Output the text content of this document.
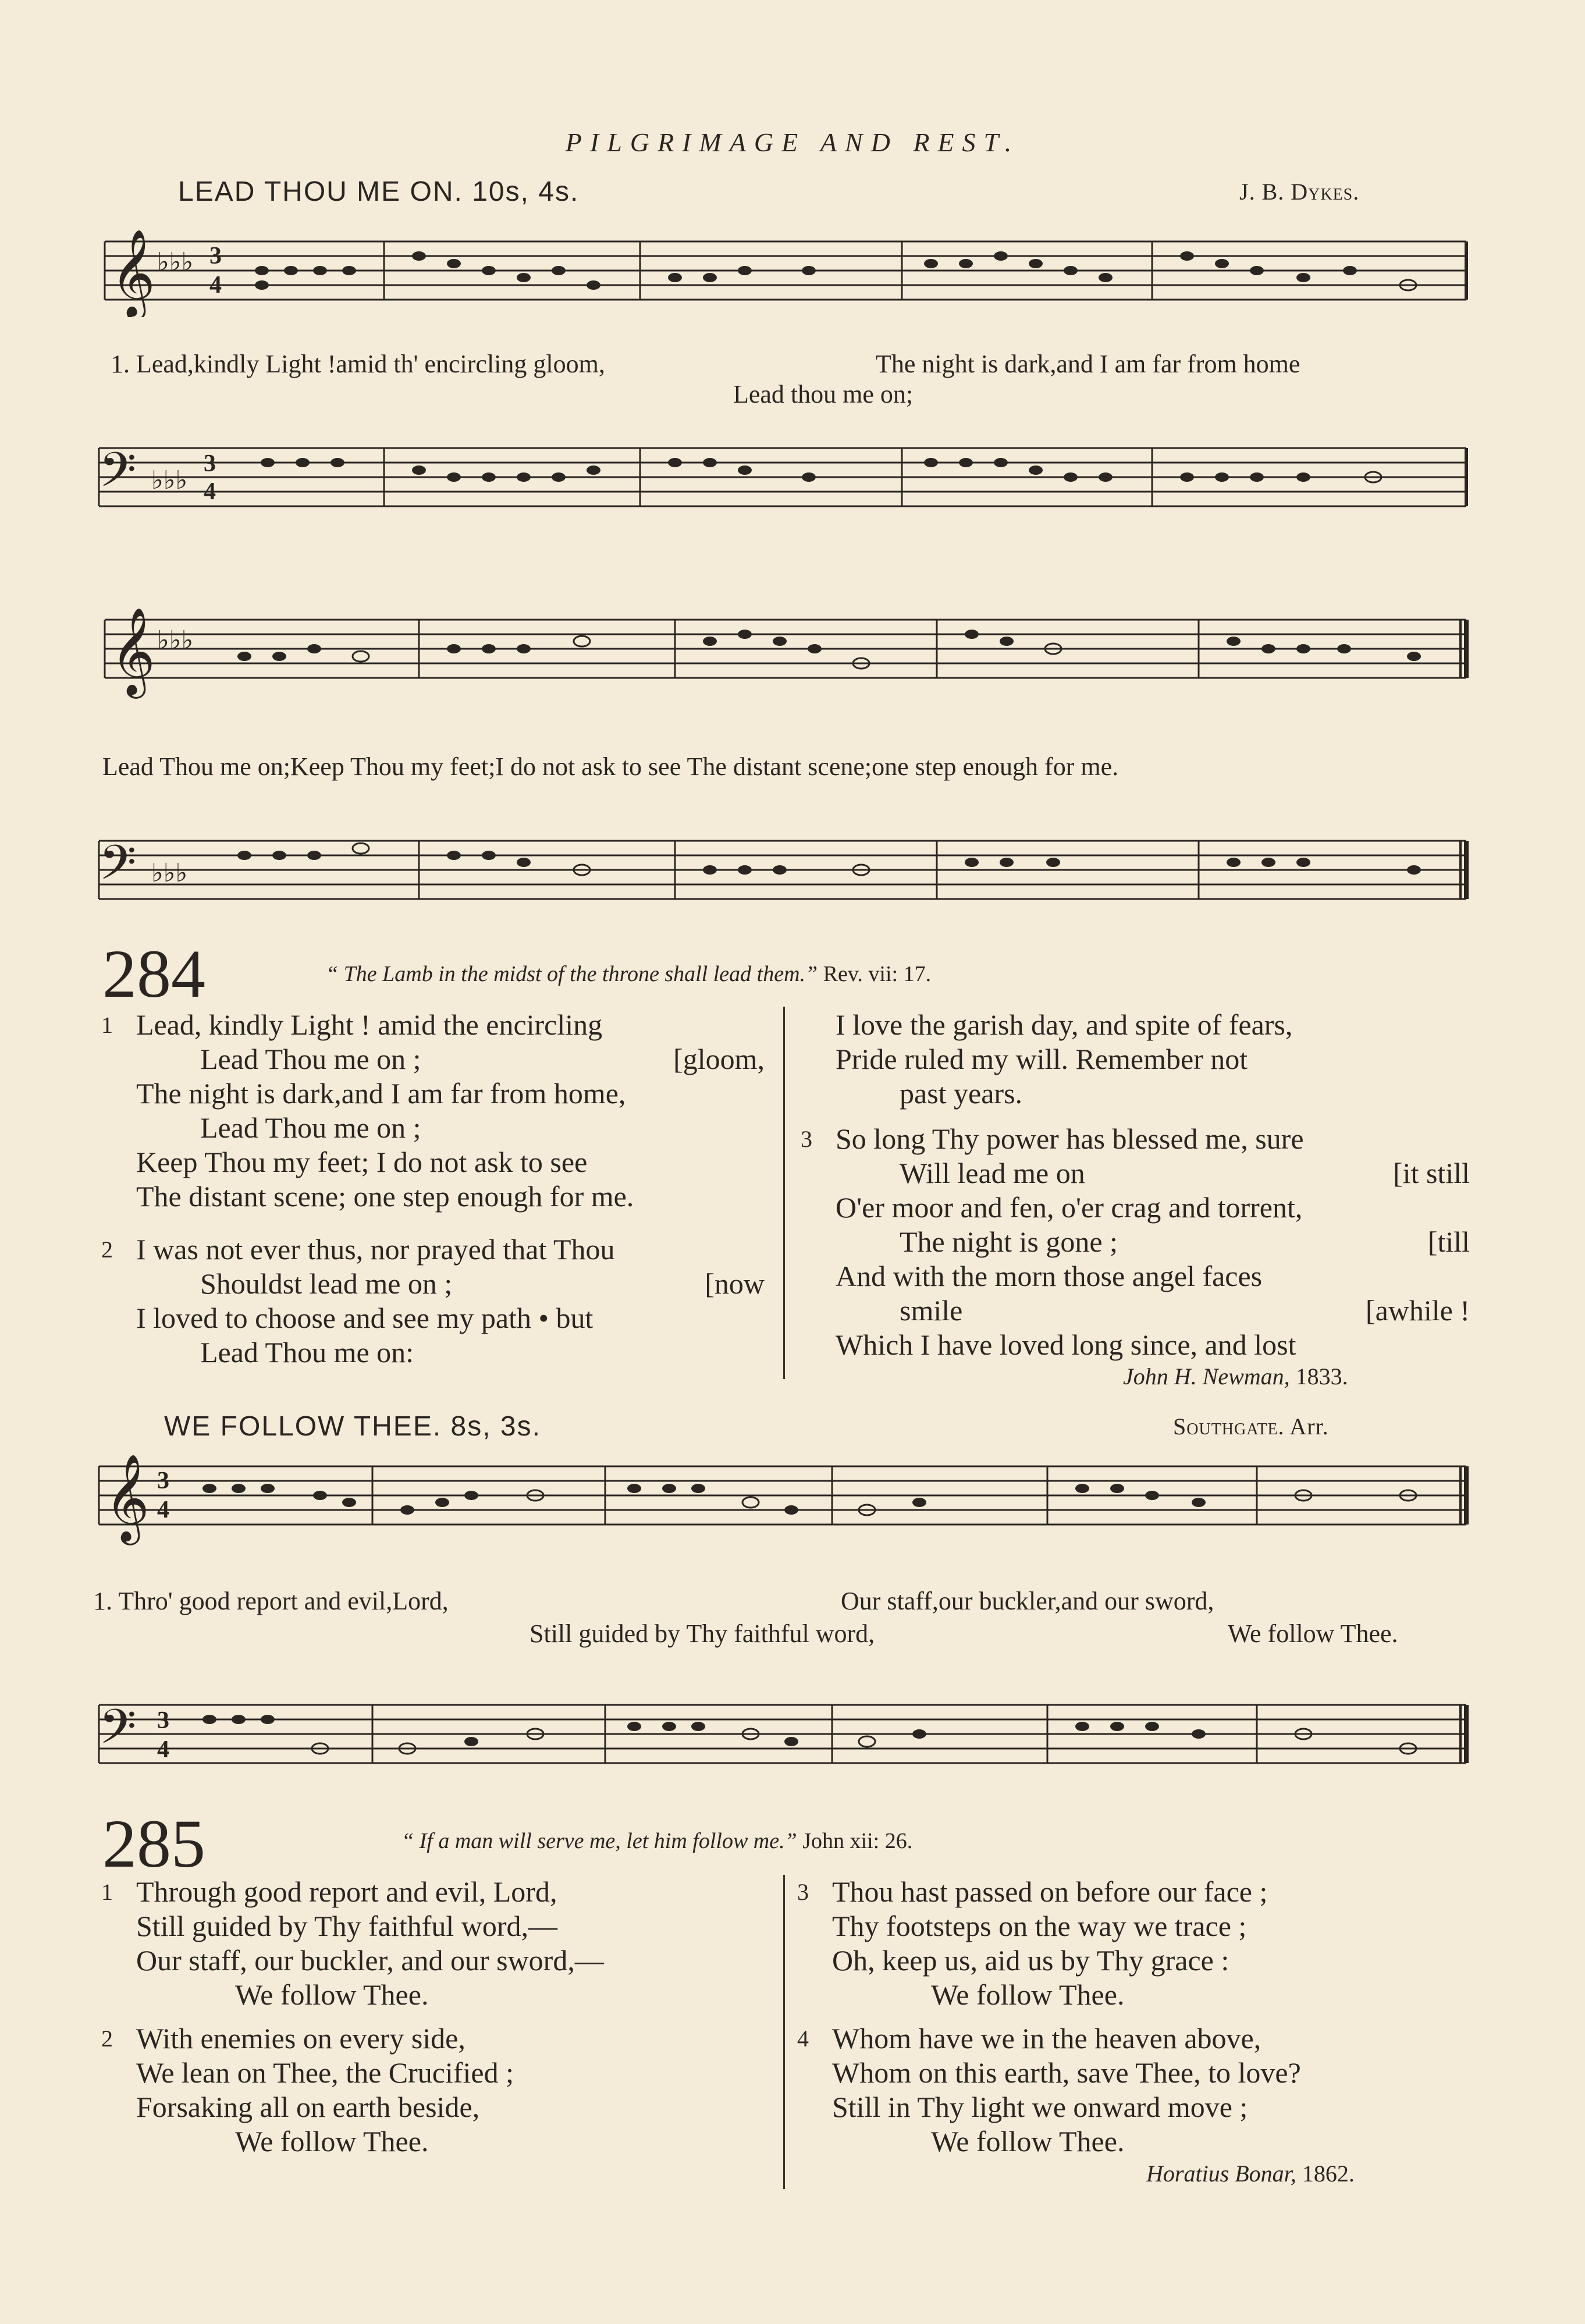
PILGRIMAGE AND REST.
LEAD THOU ME ON. 10s, 4s.	J. B. Dykes.
𝄞 ♭♭♭ 3
4
1. Lead,kindly Light !amid th' encircling gloom,	The night is dark,and I am far from home
Lead thou me on;
𝄢 ♭♭♭
3
4
𝄞 ♭♭♭
Lead Thou me on;Keep Thou my feet;I do not ask to see The distant scene;one step enough for me.
𝄢 ♭♭♭
284	“ The Lamb in the midst of the throne shall lead them.” Rev. vii: 17.
1 Lead, kindly Light ! amid the encircling
Lead Thou me on ;	[gloom,
The night is dark,and I am far from home,
Lead Thou me on ;
Keep Thou my feet; I do not ask to see
The distant scene; one step enough for me.
2 I was not ever thus, nor prayed that Thou
Shouldst lead me on ;	[now
I loved to choose and see my path • but
Lead Thou me on:
I love the garish day, and spite of fears,
Pride ruled my will. Remember not
past years.
3 So long Thy power has blessed me, sure
Will lead me on	[it still
O'er moor and fen, o'er crag and torrent,
The night is gone ;	[till
And with the morn those angel faces
smile	[awhile !
Which I have loved long since, and lost
John H. Newman, 1833.
WE FOLLOW THEE. 8s, 3s.	Southgate. Arr.
𝄞 3
4
1. Thro' good report and evil,Lord,	Our staff,our buckler,and our sword,
Still guided by Thy faithful word,	We follow Thee.
𝄢 3
4
285	“ If a man will serve me, let him follow me.” John xii: 26.
1 Through good report and evil, Lord,
Still guided by Thy faithful word,—
Our staff, our buckler, and our sword,—
We follow Thee.
2 With enemies on every side,
We lean on Thee, the Crucified ;
Forsaking all on earth beside,
We follow Thee.
3 Thou hast passed on before our face ;
Thy footsteps on the way we trace ;
Oh, keep us, aid us by Thy grace :
We follow Thee.
4 Whom have we in the heaven above,
Whom on this earth, save Thee, to love?
Still in Thy light we onward move ;
We follow Thee.
Horatius Bonar, 1862.
